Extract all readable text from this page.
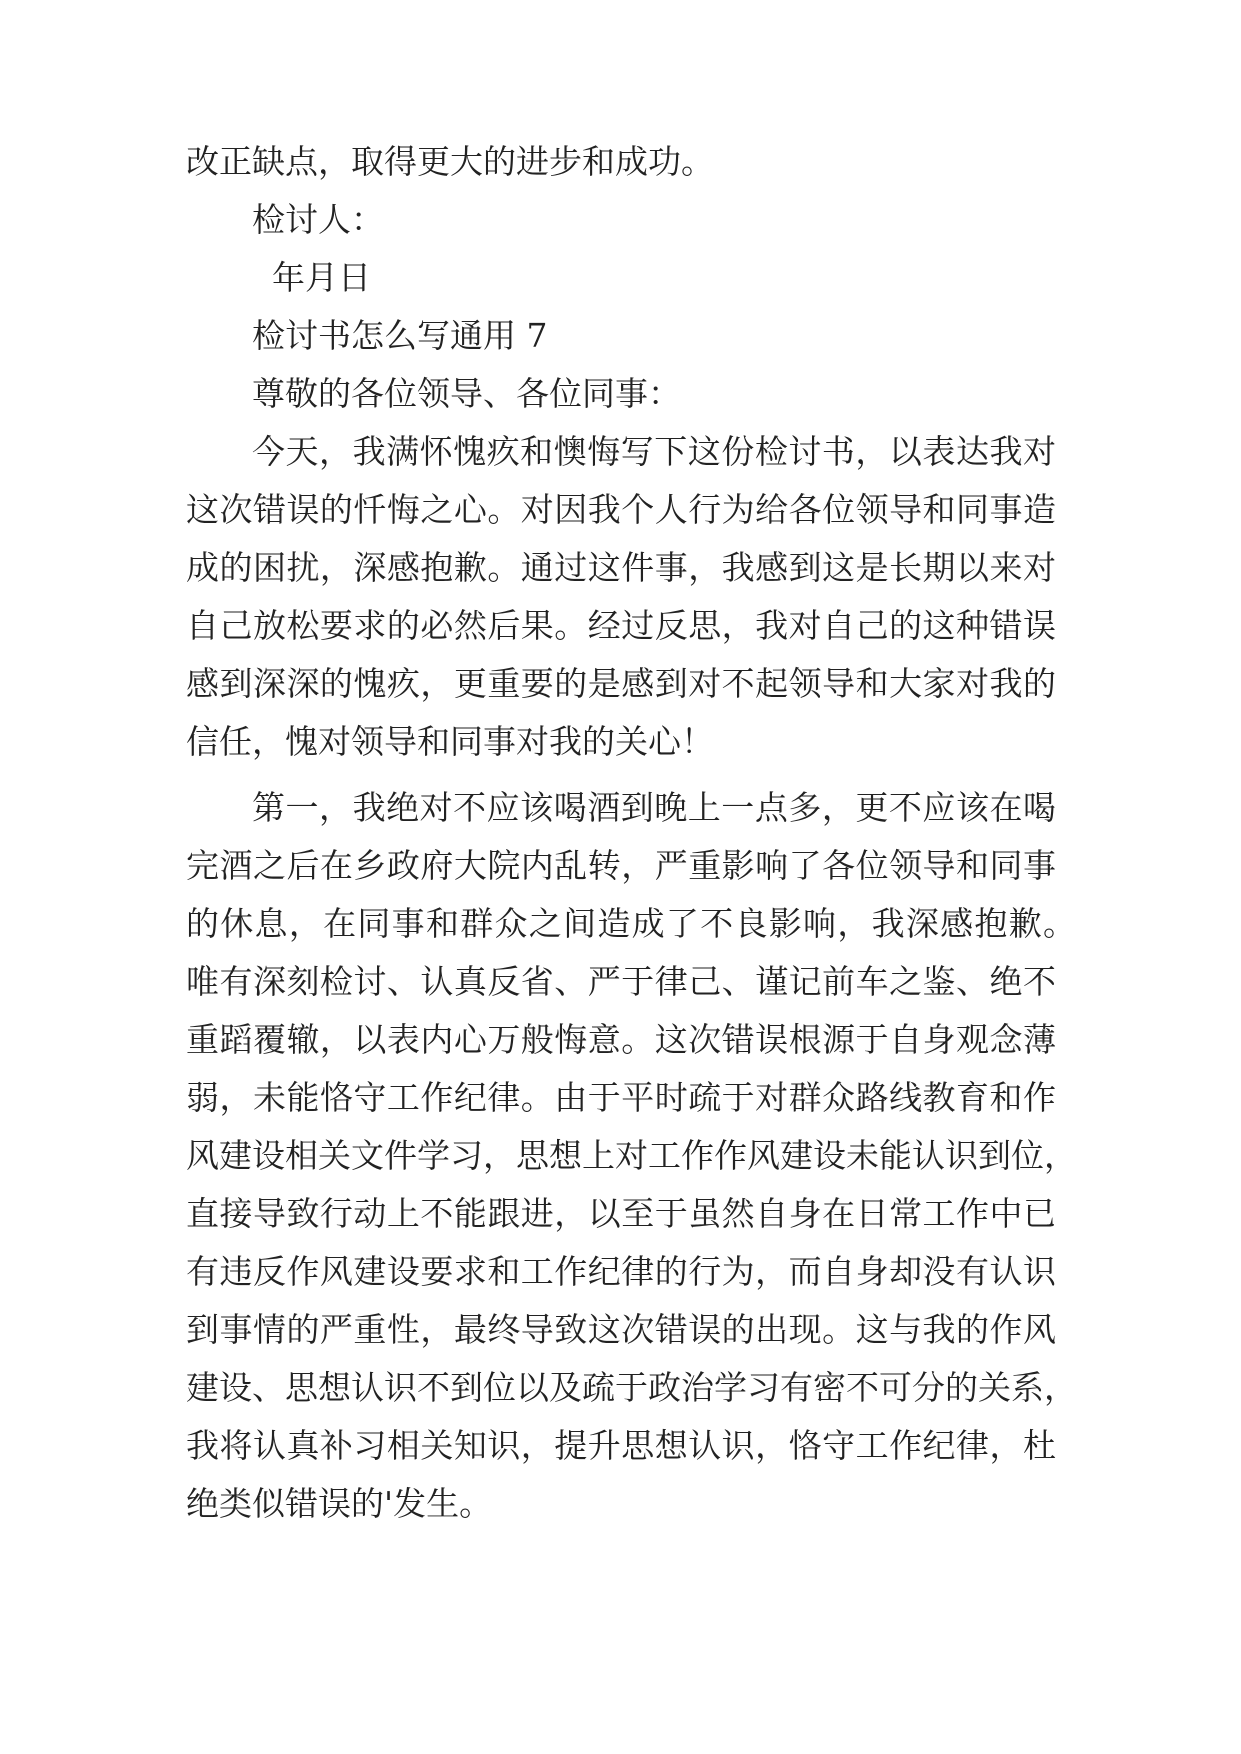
改正缺点，取得更大的进步和成功。
检讨人：
年月日
检讨书怎么写通用 7
尊敬的各位领导、各位同事：
今天，我满怀愧疚和懊悔写下这份检讨书，以表达我对
这次错误的忏悔之心。对因我个人行为给各位领导和同事造
成的困扰，深感抱歉。通过这件事，我感到这是长期以来对
自己放松要求的必然后果。经过反思，我对自己的这种错误
感到深深的愧疚，更重要的是感到对不起领导和大家对我的
信任，愧对领导和同事对我的关心！
第一，我绝对不应该喝酒到晚上一点多，更不应该在喝
完酒之后在乡政府大院内乱转，严重影响了各位领导和同事
的休息，在同事和群众之间造成了不良影响，我深感抱歉。
唯有深刻检讨、认真反省、严于律己、谨记前车之鉴、绝不
重蹈覆辙，以表内心万般悔意。这次错误根源于自身观念薄
弱，未能恪守工作纪律。由于平时疏于对群众路线教育和作
风建设相关文件学习，思想上对工作作风建设未能认识到位，
直接导致行动上不能跟进，以至于虽然自身在日常工作中已
有违反作风建设要求和工作纪律的行为，而自身却没有认识
到事情的严重性，最终导致这次错误的出现。这与我的作风
建设、思想认识不到位以及疏于政治学习有密不可分的关系，
我将认真补习相关知识，提升思想认识，恪守工作纪律，杜
绝类似错误的'发生。
